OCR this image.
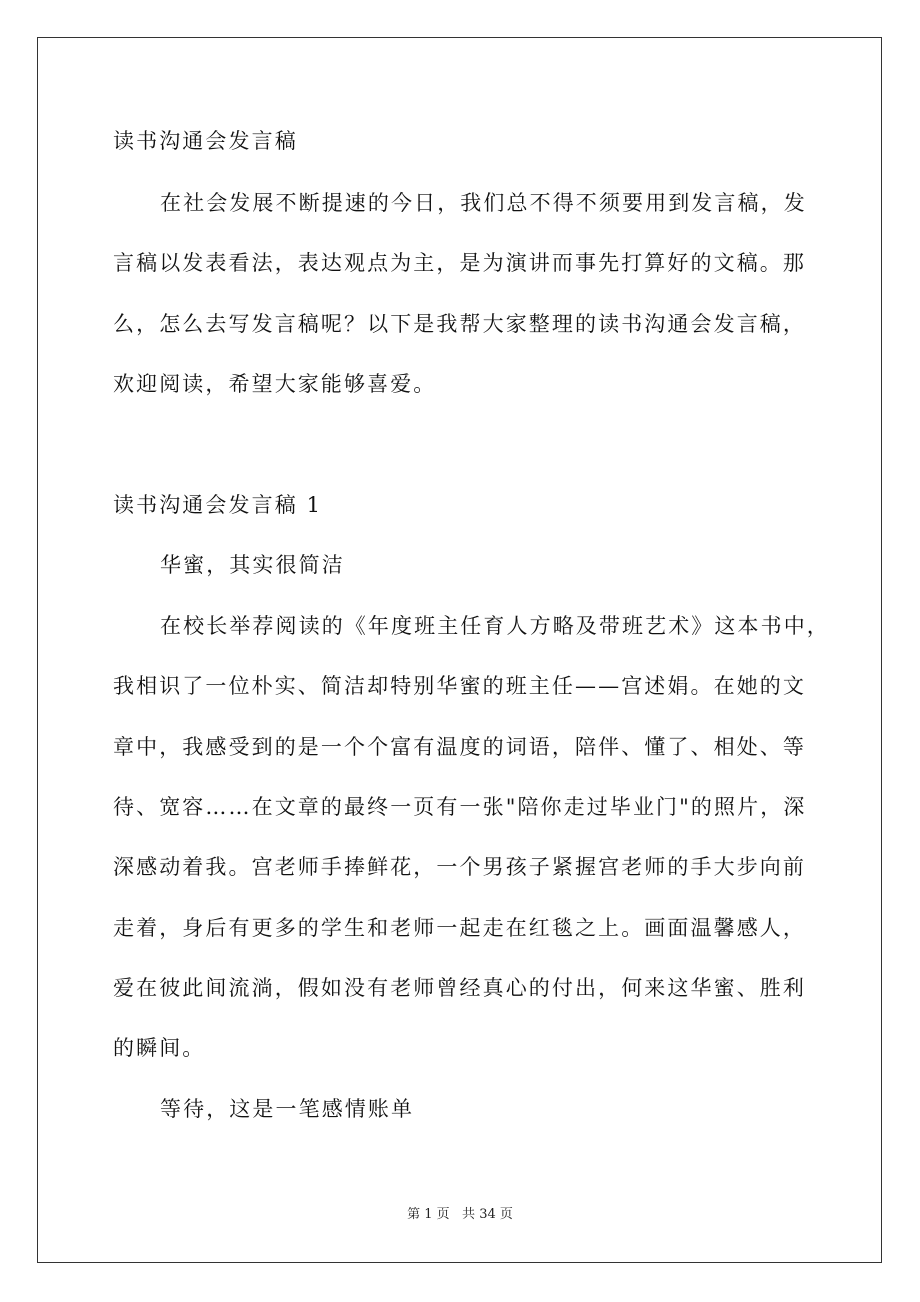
读书沟通会发言稿
在社会发展不断提速的今日，我们总不得不须要用到发言稿，发
言稿以发表看法，表达观点为主，是为演讲而事先打算好的文稿。那
么，怎么去写发言稿呢？以下是我帮大家整理的读书沟通会发言稿，
欢迎阅读，希望大家能够喜爱。
读书沟通会发言稿 1
华蜜，其实很简洁
在校长举荐阅读的《年度班主任育人方略及带班艺术》这本书中，
我相识了一位朴实、简洁却特别华蜜的班主任——宫述娟。在她的文
章中，我感受到的是一个个富有温度的词语，陪伴、懂了、相处、等
待、宽容……在文章的最终一页有一张"陪你走过毕业门"的照片，深
深感动着我。宫老师手捧鲜花，一个男孩子紧握宫老师的手大步向前
走着，身后有更多的学生和老师一起走在红毯之上。画面温馨感人，
爱在彼此间流淌，假如没有老师曾经真心的付出，何来这华蜜、胜利
的瞬间。
等待，这是一笔感情账单
第 1 页   共 34 页
